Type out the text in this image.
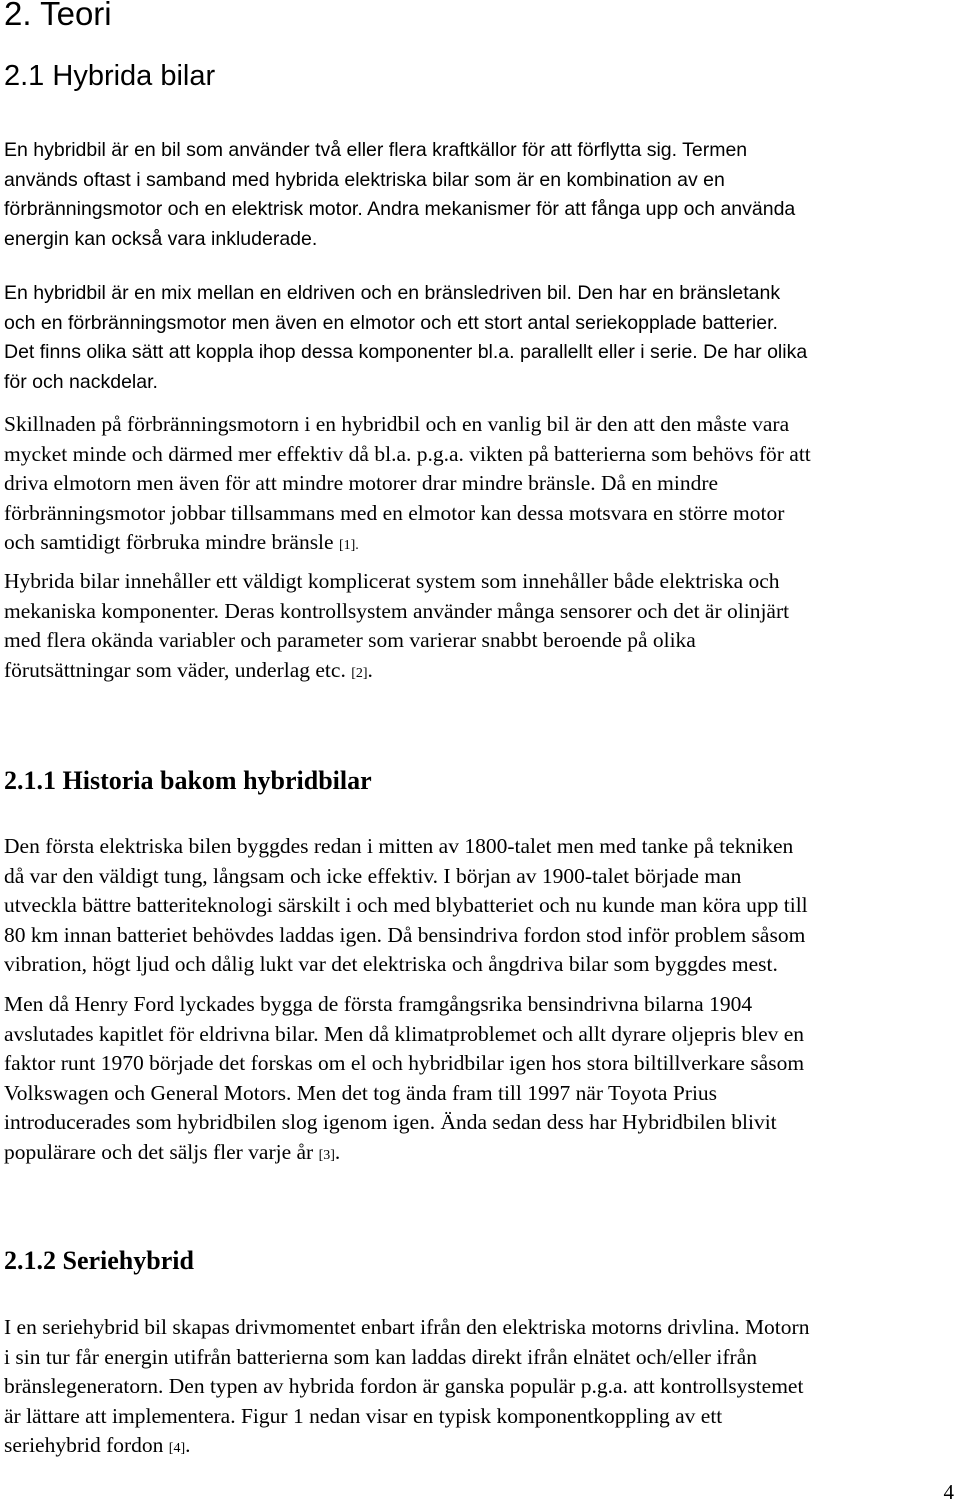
2. Teori
2.1 Hybrida bilar
En hybridbil är en bil som använder två eller flera kraftkällor för att förflytta sig. Termen
används oftast i samband med hybrida elektriska bilar som är en kombination av en
förbränningsmotor och en elektrisk motor. Andra mekanismer för att fånga upp och använda
energin kan också vara inkluderade.
En hybridbil är en mix mellan en eldriven och en bränsledriven bil. Den har en bränsletank
och en förbränningsmotor men även en elmotor och ett stort antal seriekopplade batterier.
Det finns olika sätt att koppla ihop dessa komponenter bl.a. parallellt eller i serie. De har olika
för och nackdelar.
Skillnaden på förbränningsmotorn i en hybridbil och en vanlig bil är den att den måste vara
mycket minde och därmed mer effektiv då bl.a. p.g.a. vikten på batterierna som behövs för att
driva elmotorn men även för att mindre motorer drar mindre bränsle. Då en mindre
förbränningsmotor jobbar tillsammans med en elmotor kan dessa motsvara en större motor
och samtidigt förbruka mindre bränsle [1].
Hybrida bilar innehåller ett väldigt komplicerat system som innehåller både elektriska och
mekaniska komponenter. Deras kontrollsystem använder många sensorer och det är olinjärt
med flera okända variabler och parameter som varierar snabbt beroende på olika
förutsättningar som väder, underlag etc. [2].
2.1.1 Historia bakom hybridbilar
Den första elektriska bilen byggdes redan i mitten av 1800-talet men med tanke på tekniken
då var den väldigt tung, långsam och icke effektiv. I början av 1900-talet började man
utveckla bättre batteriteknologi särskilt i och med blybatteriet och nu kunde man köra upp till
80 km innan batteriet behövdes laddas igen. Då bensindriva fordon stod inför problem såsom
vibration, högt ljud och dålig lukt var det elektriska och ångdriva bilar som byggdes mest.
Men då Henry Ford lyckades bygga de första framgångsrika bensindrivna bilarna 1904
avslutades kapitlet för eldrivna bilar. Men då klimatproblemet och allt dyrare oljepris blev en
faktor runt 1970 började det forskas om el och hybridbilar igen hos stora biltillverkare såsom
Volkswagen och General Motors. Men det tog ända fram till 1997 när Toyota Prius
introducerades som hybridbilen slog igenom igen. Ända sedan dess har Hybridbilen blivit
populärare och det säljs fler varje år [3].
2.1.2 Seriehybrid
I en seriehybrid bil skapas drivmomentet enbart ifrån den elektriska motorns drivlina. Motorn
i sin tur får energin utifrån batterierna som kan laddas direkt ifrån elnätet och/eller ifrån
bränslegeneratorn. Den typen av hybrida fordon är ganska populär p.g.a. att kontrollsystemet
är lättare att implementera. Figur 1 nedan visar en typisk komponentkoppling av ett
seriehybrid fordon [4].
4
